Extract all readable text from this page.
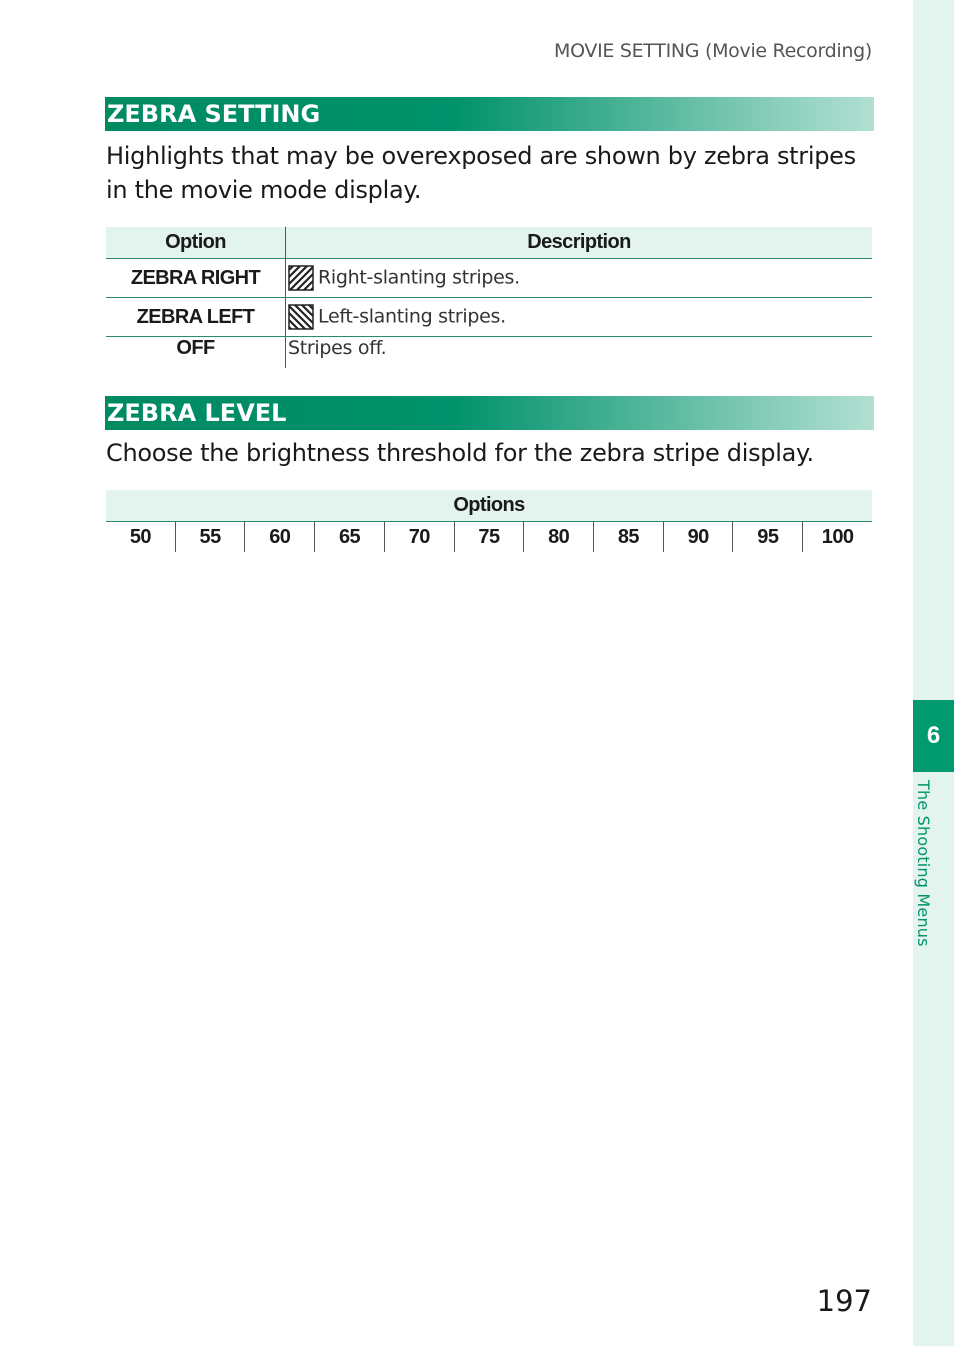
6
The Shooting Menus
MOVIE SETTING (Movie Recording)
ZEBRA SETTING
Highlights that may be overexposed are shown by zebra stripes in the movie mode display.
Option	Description
ZEBRA RIGHT	Right-slanting stripes.
ZEBRA LEFT	Left-slanting stripes.
OFF	Stripes off.
ZEBRA LEVEL
Choose the brightness threshold for the zebra stripe display.
Options
50	55	60	65	70	75	80	85	90	95	100
197
